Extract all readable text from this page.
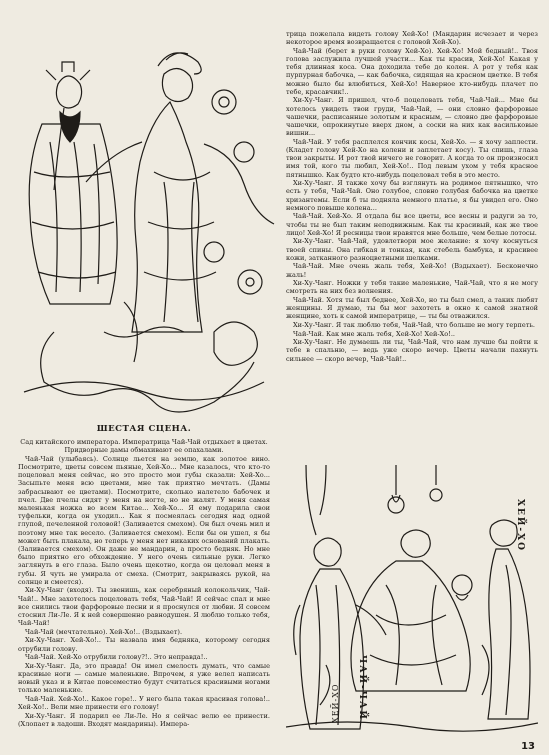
ШЕСТАЯ СЦЕНА.

Сад китайского императора. Императрица Чай-Чай отдыхает в цветах. Придворные дамы обмахивают ее опахалами.

Чай-Чай (улыбаясь). Солнце льется на землю, как золотое вино. Посмотрите, цветы совсем пьяные, Хей-Хо... Мне казалось, что кто-то поцеловал меня сейчас, но это просто мои губы сказали: Хей-Хо... Засыпьте меня всю цветами, мне так приятно мечтать. (Дамы забрасывают ее цветами). Посмотрите, сколько налетело бабочек и пчел. Две пчелы сидят у меня на ногте, но не жалят. У меня самая маленькая ножка во всем Китае... Хей-Хо... Я ему подарила свои туфельки, когда он уходил... Как я посмеялась сегодня над одной глупой, печеленной головой! (Заливается смехом). Он был очень мил и поэтому мне так весело. (Заливается смехом). Если бы он ушел, я бы может быть плакала, но теперь у меня нет никаких оснований плакать. (Заливается смехом). Он даже не мандарин, а просто бедняк. Но мне было приятно его обхождение. У него очень сильные руки. Легко заглянуть в его глаза. Было очень щекотно, когда он целовал меня в губы. Я чуть не умирала от смеха. (Смотрит, закрываясь рукой, на солнце и смеется).

Хи-Ху-Чанг (входя). Ты звенишь, как серебряный колокольчик, Чай-Чай!.. Мне захотелось поцеловать тебя, Чай-Чай! Я сейчас спал и мне все снились твои фарфоровые песни и я проснулся от любви. Я совсем стоснил Ли-Ле. Я к ней совершенно равнодушен. Я люблю только тебя, Чай-Чай!

Чай-Чай (мечтательно). Хей-Хо!.. (Вздыхает).

Хи-Ху-Чанг. Хей-Хо!.. Ты назвала имя бедняка, которому сегодня отрубили голову.

Чай-Чай. Хей-Хо отрубили голову?!.. Это неправда!..

Хи-Ху-Чанг. Да, это правда! Он имел смелость думать, что самые красивые ноги — самые маленькие. Впрочем, я уже велел написать новый указ и в Китае повсеместно будут считаться красивыми ногами только маленькие.

Чай-Чай. Хей-Хо!.. Какое горе!.. У него была такая красивая голова!.. Хей-Хо!.. Вели мне принести его голову!

Хи-Ху-Чанг. Я подарил ее Ли-Ле. Но я сейчас велю ее принести. (Хлопает в ладоши. Входят мандарины). Импера-

трица пожелала видеть голову Хей-Хо! (Мандарин исчезает и через некоторое время возвращается с головой Хей-Хо).

Чай-Чай (берет в руки голову Хей-Хо). Хей-Хо! Мой бедный!.. Твоя голова заслужила лучшей участи... Как ты красив, Хей-Хо! Какая у тебя длинная коса. Она доходила тебе до колен. А рот у тебя как пурпурная бабочка, — как бабочка, сидящая на красном цветке. В тебя можно было бы влюбиться, Хей-Хо! Наверное кто-нибудь плачет по тебе, красавчик!..

Хи-Ху-Чанг. Я пришел, что-б поцеловать тебя, Чай-Чай... Мне бы хотелось увидеть твои груди, Чай-Чай, — они словно фарфоровые чашечки, расписанные золотым и красным, — словно две фарфоровые чашечки, опрокинутые вверх дном, а соски на них как васильковые вишни...

Чай-Чай. У тебя расплелся кончик косы, Хей-Хо. — я хочу заплести. (Кладет голову Хей-Хо на колени и заплетает косу). Ты спишь, глаза твои закрыты. И рот твой ничего не говорит. А когда то он произносил имя той, кого ты любил, Хей-Хо!.. Под левым ухом у тебя красное пятнышко. Как будто кто-нибудь поцеловал тебя в это место.

Хи-Ху-Чанг. Я также хочу бы взглянуть на родимое пятнышко, что есть у тебя, Чай-Чай. Оно голубое, словно голубая бабочка на цветке хризантемы. Если б ты подняла немного платье, я бы увидел его. Оно немного повыше колена...

Чай-Чай. Хей-Хо. Я отдала бы все цветы, все весны и радуги за то, чтобы ты не был таким неподвижным. Как ты красивый, как же твое лицо! Хей-Хо! Я ресницы твои нравятся мне больше, чем белые лотосы.

Хи-Ху-Чанг. Чай-Чай, удовлетвори мое желание: я хочу коснуться твоей спины. Она гибкая и тонкая, как стебель бамбука, и красивее кожи, затканного разноцветными шелками.

Чай-Чай. Мне очень жаль тебя, Хей-Хо! (Вздыхает). Бесконечно жаль!

Хи-Ху-Чанг. Ножки у тебя такие маленькие, Чай-Чай, что я не могу смотреть на них без волнения.

Чай-Чай. Хотя ты был беднее, Хей-Хо, но ты был смел, а таких любят женщины. Я думаю, ты бы мог захотеть в окно к самой знатной женщине, хоть к самой императрице, — ты бы отважился.

Хи-Ху-Чанг. Я так люблю тебя, Чай-Чай, что больше не могу терпеть.

Чай-Чай. Как мне жаль тебя, Хей-Хо! Хей-Хо!..

Хи-Ху-Чанг. Не думаешь ли ты, Чай-Чай, что нам лучше бы пойти к тебе в спальню, — ведь уже скоро вечер. Цветы начали пахнуть сильнее — скоро вечер, Чай-Чай!..

ХЕЙ-ХО
ЧАЙ-ЧАЙ
ХЕЙ-ХО
13
